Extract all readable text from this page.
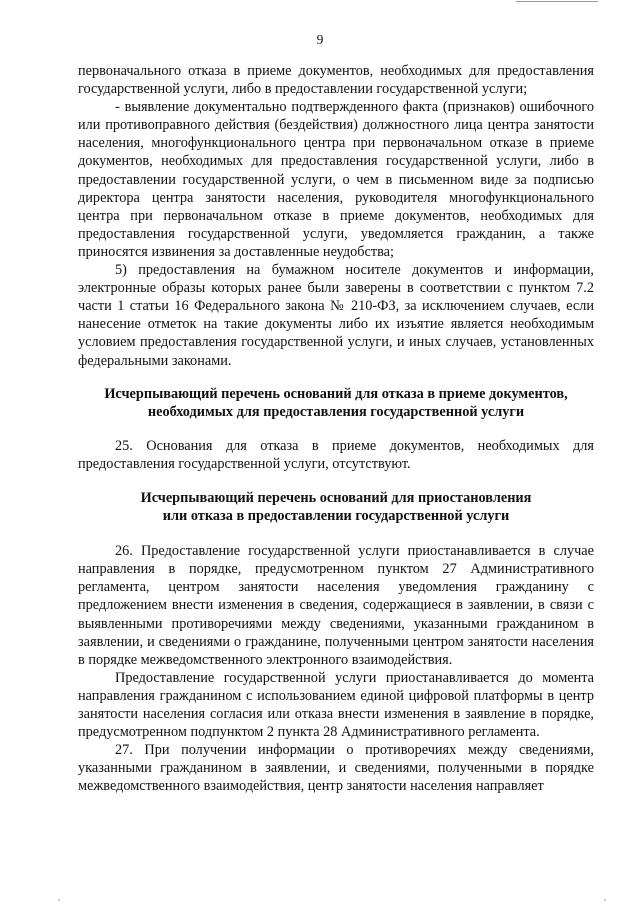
9

первоначального отказа в приеме документов, необходимых для предоставления государственной услуги, либо в предоставлении государственной услуги;

- выявление документально подтвержденного факта (признаков) ошибочного или противоправного действия (бездействия) должностного лица центра занятости населения, многофункционального центра при первоначальном отказе в приеме документов, необходимых для предоставления государственной услуги, либо в предоставлении государственной услуги, о чем в письменном виде за подписью директора центра занятости населения, руководителя многофункционального центра при первоначальном отказе в приеме документов, необходимых для предоставления государственной услуги, уведомляется гражданин, а также приносятся извинения за доставленные неудобства;

5) предоставления на бумажном носителе документов и информации, электронные образы которых ранее были заверены в соответствии с пунктом 7.2 части 1 статьи 16 Федерального закона № 210-ФЗ, за исключением случаев, если нанесение отметок на такие документы либо их изъятие является необходимым условием предоставления государственной услуги, и иных случаев, установленных федеральными законами.

Исчерпывающий перечень оснований для отказа в приеме документов,

необходимых для предоставления государственной услуги

25. Основания для отказа в приеме документов, необходимых для предоставления государственной услуги, отсутствуют.

Исчерпывающий перечень оснований для приостановления

или отказа в предоставлении государственной услуги

26. Предоставление государственной услуги приостанавливается в случае направления в порядке, предусмотренном пунктом 27 Административного регламента, центром занятости населения уведомления гражданину с предложением внести изменения в сведения, содержащиеся в заявлении, в связи с выявленными противоречиями между сведениями, указанными гражданином в заявлении, и сведениями о гражданине, полученными центром занятости населения в порядке межведомственного электронного взаимодействия.

Предоставление государственной услуги приостанавливается до момента направления гражданином с использованием единой цифровой платформы в центр занятости населения согласия или отказа внести изменения в заявление в порядке, предусмотренном подпунктом 2 пункта 28 Административного регламента.

27. При получении информации о противоречиях между сведениями, указанными гражданином в заявлении, и сведениями, полученными в порядке межведомственного взаимодействия, центр занятости населения направляет
